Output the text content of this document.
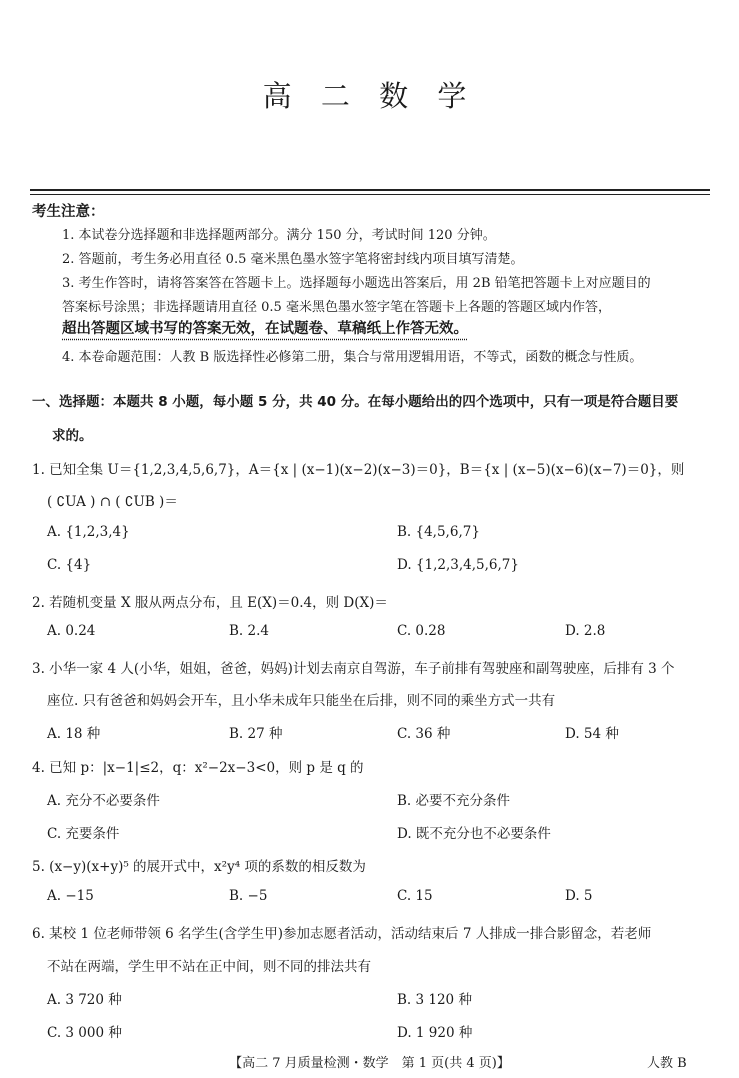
高 二 数 学
考生注意：
1. 本试卷分选择题和非选择题两部分。满分 150 分，考试时间 120 分钟。
2. 答题前，考生务必用直径 0.5 毫米黑色墨水签字笔将密封线内项目填写清楚。
3. 考生作答时，请将答案答在答题卡上。选择题每小题选出答案后，用 2B 铅笔把答题卡上对应题目的
答案标号涂黑；非选择题请用直径 0.5 毫米黑色墨水签字笔在答题卡上各题的答题区域内作答，
超出答题区域书写的答案无效，在试题卷、草稿纸上作答无效。
4. 本卷命题范围：人教 B 版选择性必修第二册，集合与常用逻辑用语，不等式，函数的概念与性质。
一、选择题：本题共 8 小题，每小题 5 分，共 40 分。在每小题给出的四个选项中，只有一项是符合题目要
求的。
1. 已知全集 U＝{1,2,3,4,5,6,7}，A＝{x | (x−1)(x−2)(x−3)＝0}，B＝{x | (x−5)(x−6)(x−7)＝0}，则
( ∁UA ) ∩ ( ∁UB )＝
A. {1,2,3,4}	B. {4,5,6,7}
C. {4}	D. {1,2,3,4,5,6,7}
2. 若随机变量 X 服从两点分布，且 E(X)＝0.4，则 D(X)＝
A. 0.24	B. 2.4	C. 0.28	D. 2.8
3. 小华一家 4 人(小华，姐姐，爸爸，妈妈)计划去南京自驾游，车子前排有驾驶座和副驾驶座，后排有 3 个
座位. 只有爸爸和妈妈会开车，且小华未成年只能坐在后排，则不同的乘坐方式一共有
A. 18 种	B. 27 种	C. 36 种	D. 54 种
4. 已知 p：|x−1|≤2，q：x²−2x−3<0，则 p 是 q 的
A. 充分不必要条件	B. 必要不充分条件
C. 充要条件	D. 既不充分也不必要条件
5. (x−y)(x+y)⁵ 的展开式中，x²y⁴ 项的系数的相反数为
A. −15	B. −5	C. 15	D. 5
6. 某校 1 位老师带领 6 名学生(含学生甲)参加志愿者活动，活动结束后 7 人排成一排合影留念，若老师
不站在两端，学生甲不站在正中间，则不同的排法共有
A. 3 720 种	B. 3 120 种
C. 3 000 种	D. 1 920 种
【高二 7 月质量检测・数学　第 1 页(共 4 页)】	人教 B
